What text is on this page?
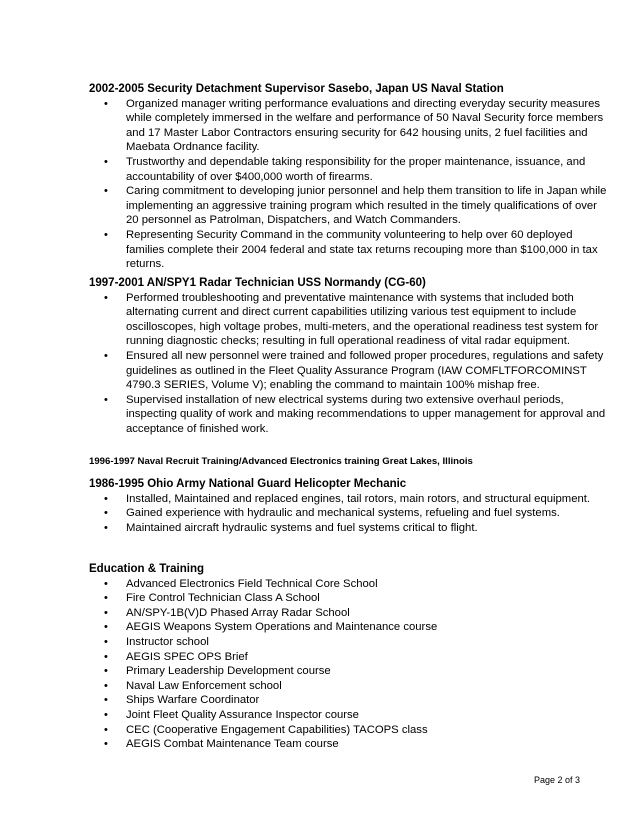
2002-2005 Security Detachment Supervisor Sasebo, Japan US Naval Station

• Organized manager writing performance evaluations and directing everyday security measures while completely immersed in the welfare and performance of 50 Naval Security force members and 17 Master Labor Contractors ensuring security for 642 housing units, 2 fuel facilities and Maebata Ordnance facility.
• Trustworthy and dependable taking responsibility for the proper maintenance, issuance, and accountability of over $400,000 worth of firearms.
• Caring commitment to developing junior personnel and help them transition to life in Japan while implementing an aggressive training program which resulted in the timely qualifications of over 20 personnel as Patrolman, Dispatchers, and Watch Commanders.
• Representing Security Command in the community volunteering to help over 60 deployed families complete their 2004 federal and state tax returns recouping more than $100,000 in tax returns.

1997-2001 AN/SPY1 Radar Technician USS Normandy (CG-60)

• Performed troubleshooting and preventative maintenance with systems that included both alternating current and direct current capabilities utilizing various test equipment to include oscilloscopes, high voltage probes, multi-meters, and the operational readiness test system for running diagnostic checks; resulting in full operational readiness of vital radar equipment.
• Ensured all new personnel were trained and followed proper procedures, regulations and safety guidelines as outlined in the Fleet Quality Assurance Program (IAW COMFLTFORCOMINST 4790.3 SERIES, Volume V); enabling the command to maintain 100% mishap free.
• Supervised installation of new electrical systems during two extensive overhaul periods, inspecting quality of work and making recommendations to upper management for approval and acceptance of finished work.

1996-1997 Naval Recruit Training/Advanced Electronics training Great Lakes, Illinois

1986-1995 Ohio Army National Guard Helicopter Mechanic

• Installed, Maintained and replaced engines, tail rotors, main rotors, and structural equipment.
• Gained experience with hydraulic and mechanical systems, refueling and fuel systems.
• Maintained aircraft hydraulic systems and fuel systems critical to flight.

Education & Training

• Advanced Electronics Field Technical Core School
• Fire Control Technician Class A School
• AN/SPY-1B(V)D Phased Array Radar School
• AEGIS Weapons System Operations and Maintenance course
• Instructor school
• AEGIS SPEC OPS Brief
• Primary Leadership Development course
• Naval Law Enforcement school
• Ships Warfare Coordinator
• Joint Fleet Quality Assurance Inspector course
• CEC (Cooperative Engagement Capabilities) TACOPS class
• AEGIS Combat Maintenance Team course
Page 2 of 3
